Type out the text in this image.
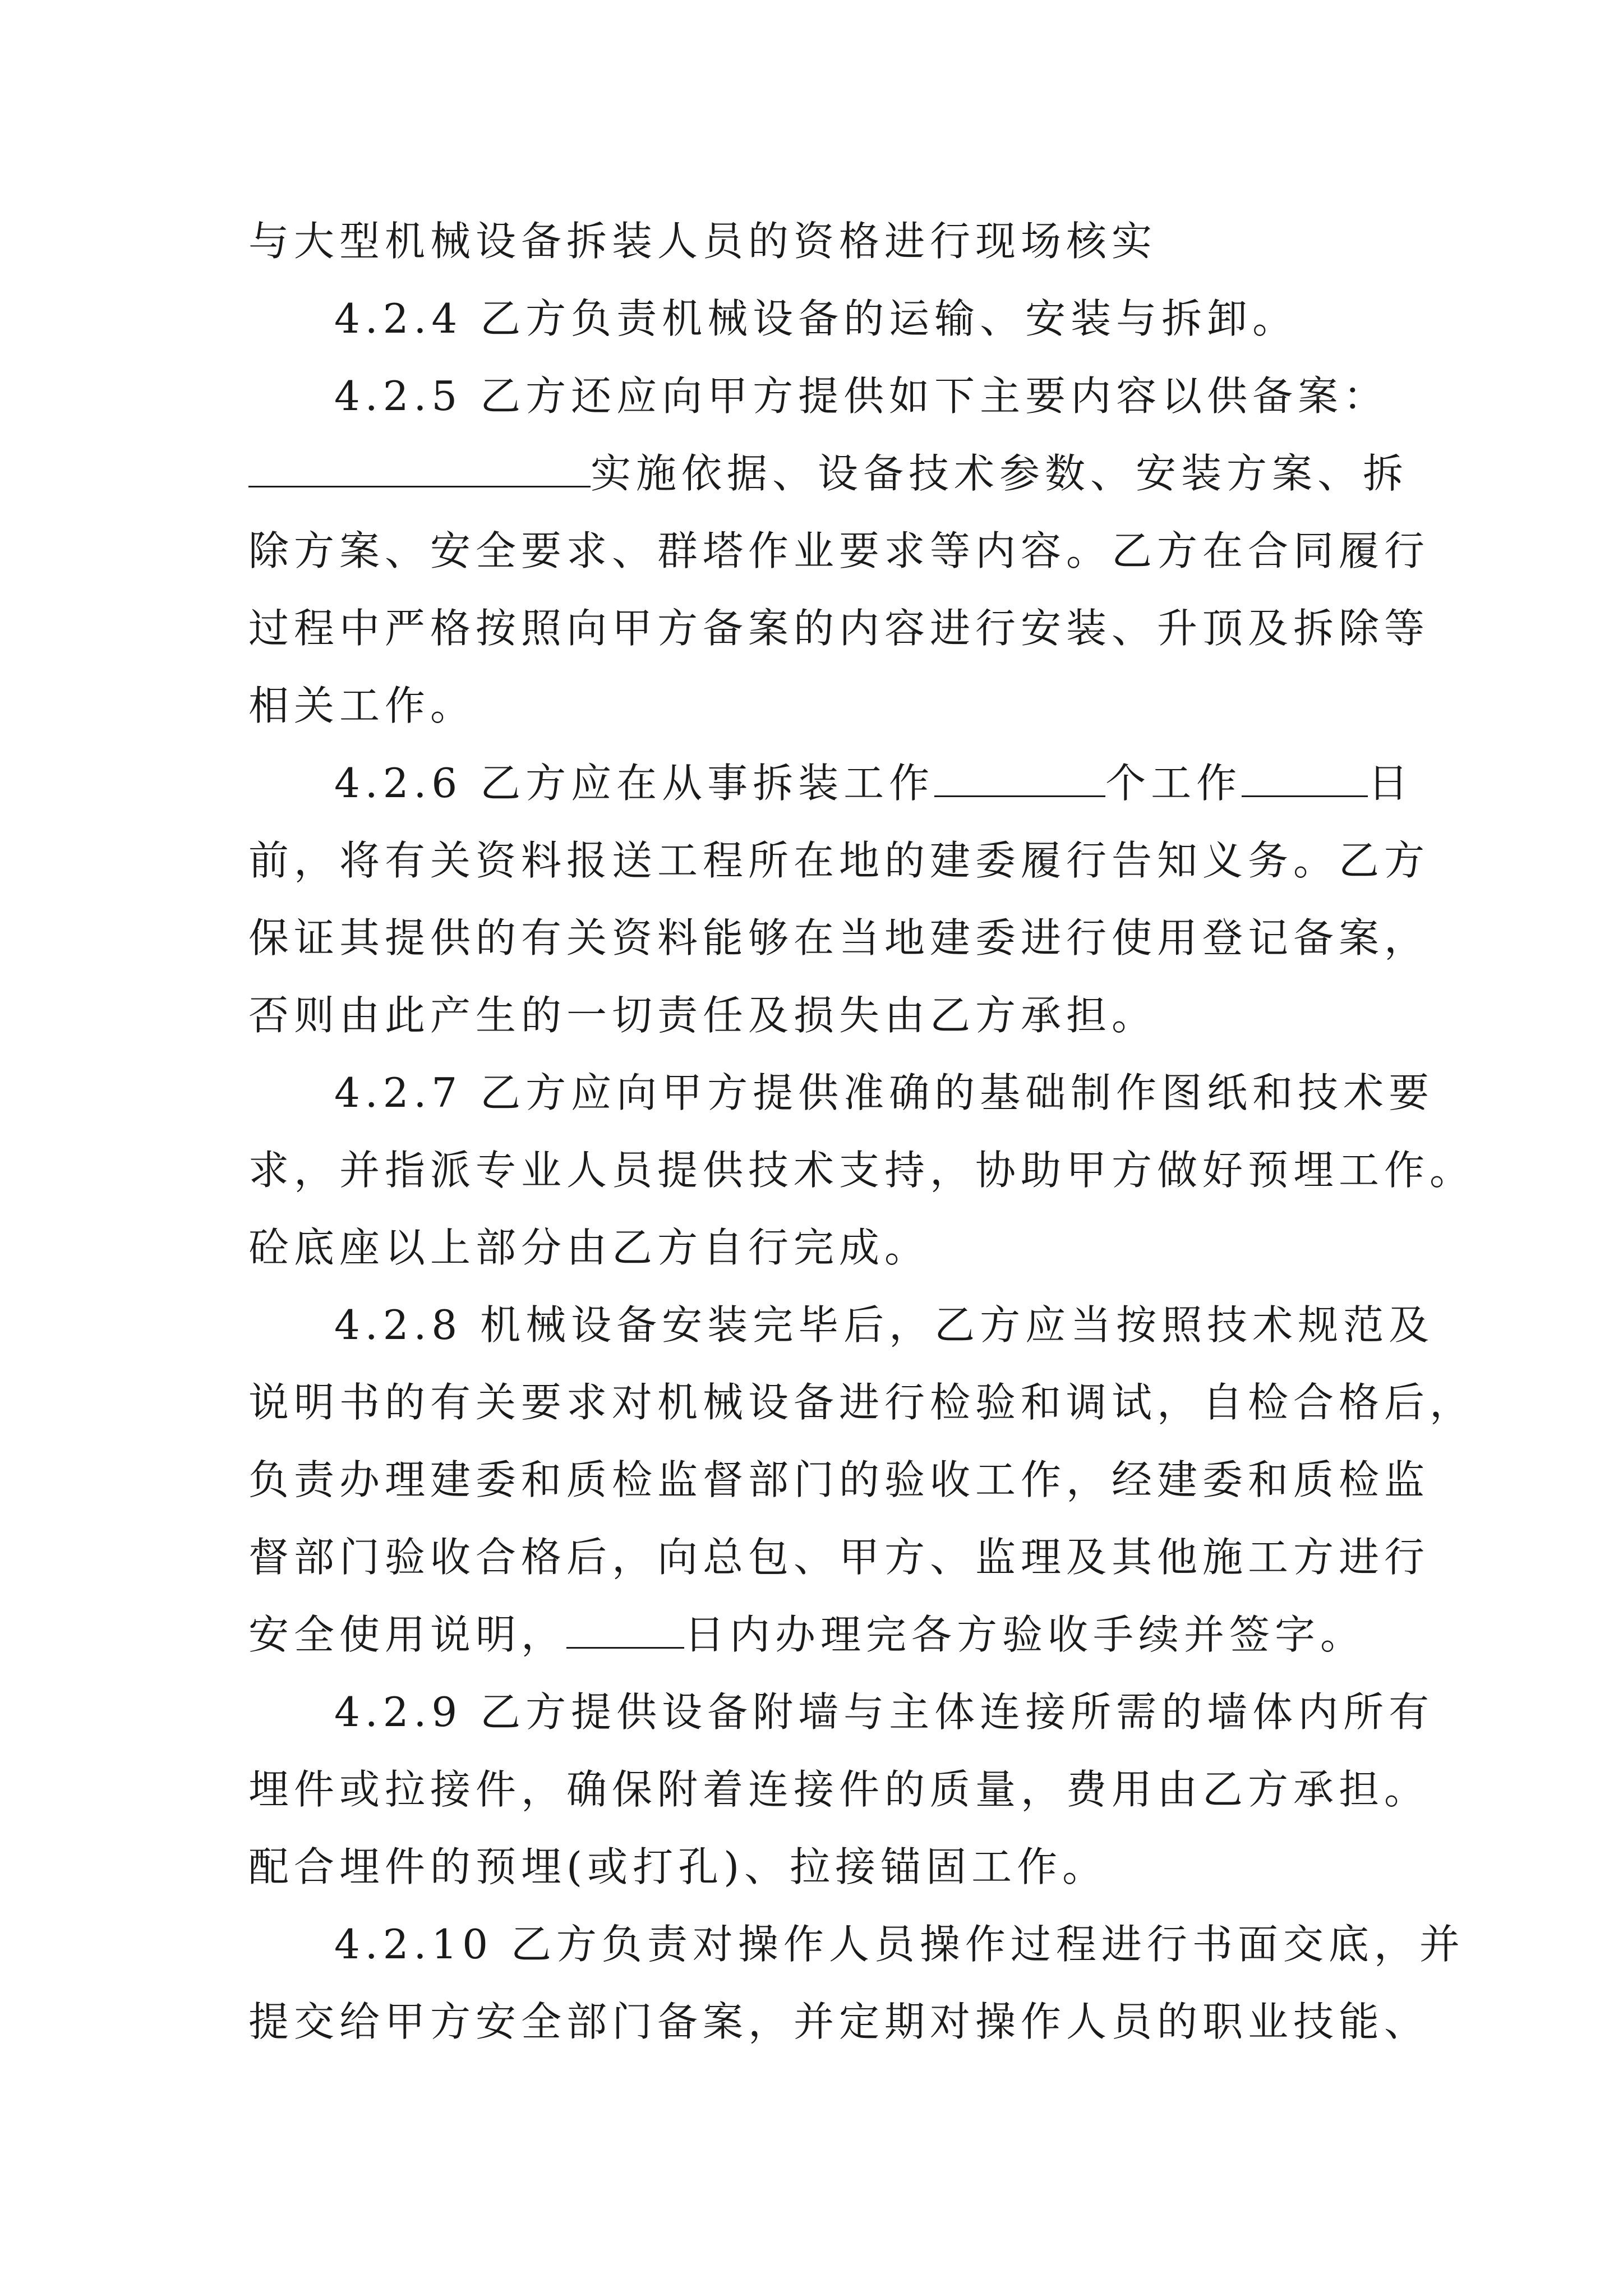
与大型机械设备拆装人员的资格进行现场核实
4.2.4 乙方负责机械设备的运输、安装与拆卸。
4.2.5 乙方还应向甲方提供如下主要内容以供备案：
实施依据、设备技术参数、安装方案、拆
除方案、安全要求、群塔作业要求等内容。乙方在合同履行
过程中严格按照向甲方备案的内容进行安装、升顶及拆除等
相关工作。
4.2.6 乙方应在从事拆装工作	个工作	日
前，将有关资料报送工程所在地的建委履行告知义务。乙方
保证其提供的有关资料能够在当地建委进行使用登记备案，
否则由此产生的一切责任及损失由乙方承担。
4.2.7 乙方应向甲方提供准确的基础制作图纸和技术要
求，并指派专业人员提供技术支持，协助甲方做好预埋工作。
砼底座以上部分由乙方自行完成。
4.2.8 机械设备安装完毕后，乙方应当按照技术规范及
说明书的有关要求对机械设备进行检验和调试，自检合格后，
负责办理建委和质检监督部门的验收工作，经建委和质检监
督部门验收合格后，向总包、甲方、监理及其他施工方进行
安全使用说明，	日内办理完各方验收手续并签字。
4.2.9 乙方提供设备附墙与主体连接所需的墙体内所有
埋件或拉接件，确保附着连接件的质量，费用由乙方承担。
配合埋件的预埋(或打孔)、拉接锚固工作。
4.2.10 乙方负责对操作人员操作过程进行书面交底，并
提交给甲方安全部门备案，并定期对操作人员的职业技能、
